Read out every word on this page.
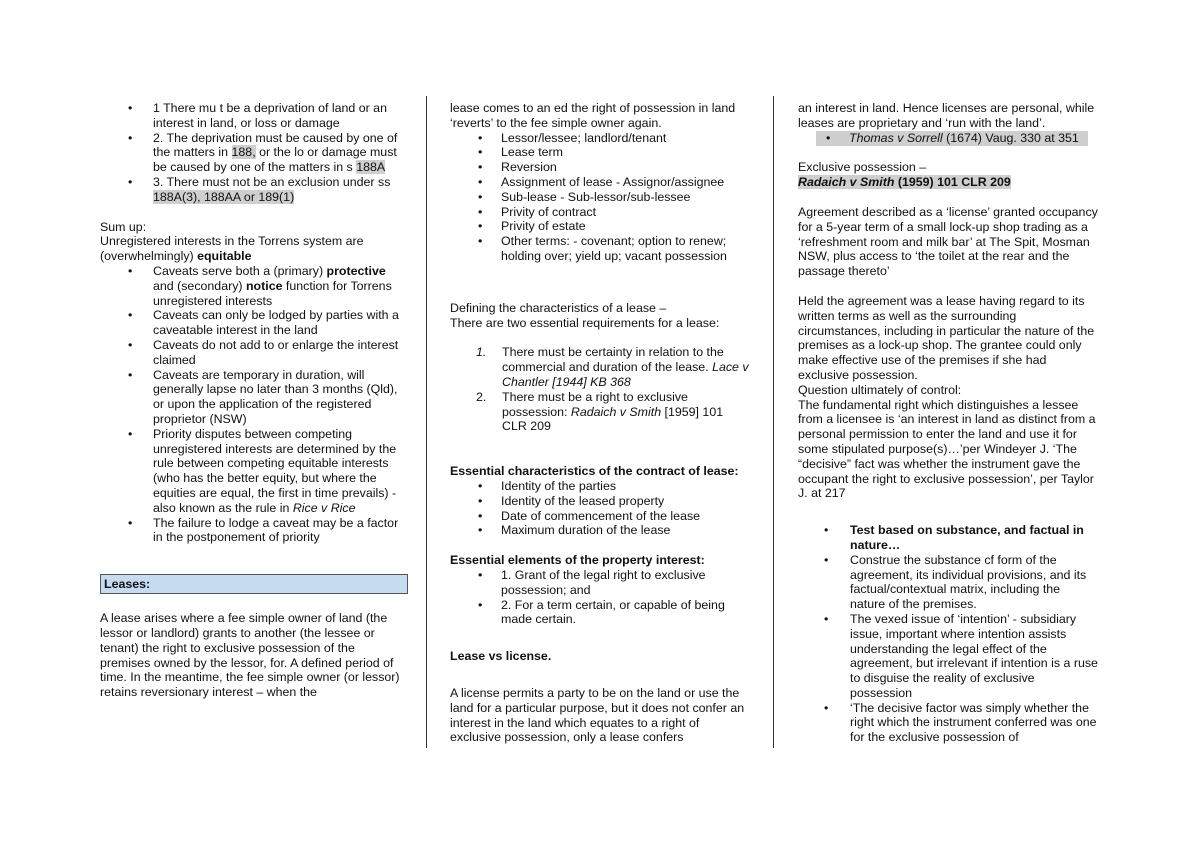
• 1 There mu t be a deprivation of land or an interest in land, or loss or damage
• 2. The deprivation must be caused by one of the matters in 188, or the lo or damage must be caused by one of the matters in s 188A
• 3. There must not be an exclusion under ss 188A(3), 188AA or 189(1)

Sum up:

Unregistered interests in the Torrens system are (overwhelmingly) equitable

• Caveats serve both a (primary) protective and (secondary) notice function for Torrens unregistered interests
• Caveats can only be lodged by parties with a caveatable interest in the land
• Caveats do not add to or enlarge the interest claimed
• Caveats are temporary in duration, will generally lapse no later than 3 months (Qld), or upon the application of the registered proprietor (NSW)
• Priority disputes between competing unregistered interests are determined by the rule between competing equitable interests (who has the better equity, but where the equities are equal, the first in time prevails) - also known as the rule in Rice v Rice
• The failure to lodge a caveat may be a factor in the postponement of priority
Leases:

A lease arises where a fee simple owner of land (the lessor or landlord) grants to another (the lessee or tenant) the right to exclusive possession of the premises owned by the lessor, for. A defined period of time. In the meantime, the fee simple owner (or lessor) retains reversionary interest – when the

lease comes to an ed the right of possession in land ‘reverts’ to the fee simple owner again.

• Lessor/lessee; landlord/tenant
• Lease term
• Reversion
• Assignment of lease - Assignor/assignee
• Sub-lease - Sub-lessor/sub-lessee
• Privity of contract
• Privity of estate
• Other terms: - covenant; option to renew; holding over; yield up; vacant possession

Defining the characteristics of a lease –

There are two essential requirements for a lease:

1. There must be certainty in relation to the commercial and duration of the lease. Lace v Chantler [1944] KB 368
2. There must be a right to exclusive possession: Radaich v Smith [1959] 101 CLR 209

Essential characteristics of the contract of lease:

• Identity of the parties
• Identity of the leased property
• Date of commencement of the lease
• Maximum duration of the lease

Essential elements of the property interest:

• 1. Grant of the legal right to exclusive possession; and
• 2. For a term certain, or capable of being made certain.

Lease vs license.

A license permits a party to be on the land or use the land for a particular purpose, but it does not confer an interest in the land which equates to a right of exclusive possession, only a lease confers

an interest in land. Hence licenses are personal, while leases are proprietary and ‘run with the land’.

• Thomas v Sorrell (1674) Vaug. 330 at 351

Exclusive possession –

Radaich v Smith (1959) 101 CLR 209

Agreement described as a ‘license’ granted occupancy for a 5-year term of a small lock-up shop trading as a ‘refreshment room and milk bar’ at The Spit, Mosman NSW, plus access to ‘the toilet at the rear and the passage thereto’

Held the agreement was a lease having regard to its written terms as well as the surrounding circumstances, including in particular the nature of the premises as a lock-up shop. The grantee could only make effective use of the premises if she had exclusive possession.

Question ultimately of control:

The fundamental right which distinguishes a lessee from a licensee is ‘an interest in land as distinct from a personal permission to enter the land and use it for some stipulated purpose(s)…’per Windeyer J. ‘The “decisive” fact was whether the instrument gave the occupant the right to exclusive possession’, per Taylor J. at 217

• Test based on substance, and factual in nature…
• Construe the substance cf form of the agreement, its individual provisions, and its factual/contextual matrix, including the nature of the premises.
• The vexed issue of ‘intention’ - subsidiary issue, important where intention assists understanding the legal effect of the agreement, but irrelevant if intention is a ruse to disguise the reality of exclusive possession
• ‘The decisive factor was simply whether the right which the instrument conferred was one for the exclusive possession of
